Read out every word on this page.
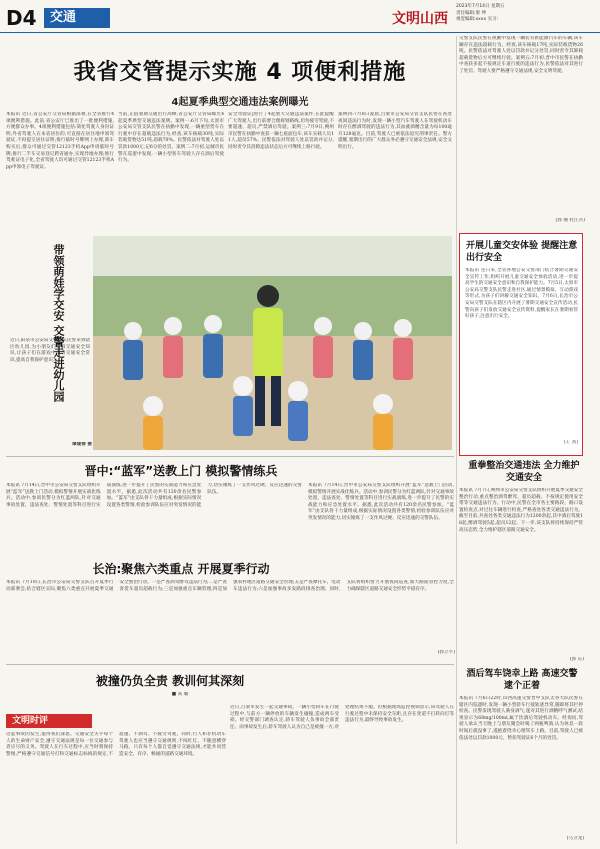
D4	交通	文明山西
2023年7月14日 星期五
责任编辑:梁 坤
视觉编辑:xxxx 实习:
我省交管提示实施 4 项便利措施
4起夏季典型交通违法案例曝光
本报讯 近日,省公安厅交管局根据部署,在全省推行4项便利措施。此前,省公安厅已推出了一批便利措施,方便群众办事。4项便利措施包括:简化驾驶人身份证明,外省驾驶人在本省居住的,可直接在居住地申领驾驶证,不再提交居住证明;推行临时号牌网上办理,新车购买后,群众可通过交管12123手机App申请临时号牌;推行二手车交易登记跨省通办,实现异地办理;推行驾驶证电子化,全省驾驶人均可通过交管12123手机App申领电子驾驶证。
当前,正值暑期交通出行高峰,省公安厅交管局曝光4起夏季典型交通违法案例。案例一:6月下旬,太原市公安局交管支队民警在执勤中发现,一辆重型货车在行驶中存在超载违法行为,经查,该车核载30吨,实际装载货物达51吨,超载70%。民警依法对驾驶人处以罚款1000元,记6分的处罚。案例二:7月初,运城市民警在巡逻中发现,一辆小型客车驾驶人存在酒后驾驶行为。
安全驾驶证]进行了4起重大交通违法案件,在此提醒广大驾驶人,出行前要合理规划路线,切勿疲劳驾驶,不要超速、超员,严禁酒后驾驶。案例三:7月9日,朔州市民警在执勤中查获一辆七座面包车,该车实载人员11人,超员57%。民警依法对驾驶人处以罚款并记分,同时责令其消除违法状态后方可继续上路行驶。
案例四:7月8日凌晨,吕梁市公安局交管支队民警在查处夜间违法行为时,发现一辆小型汽车驾驶人在驾驶机动车时存在醉酒驾驶的违法行为,其血液酒精含量为每100毫升128毫克。目前,驾驶人已被依法追究刑事责任。警方提醒,暑期出行的广大群众务必遵守交通安全法规,安全文明出行。
交警支队民警在执勤中发现一辆装有新能源汽车的车辆,该车辆存在违法超载行为。经查,该车核载17吨,实际装载货物26吨。民警依法对驾驶人处以罚款并记分处罚,同时责令其卸载超载货物后方可继续行驶。案例五:7月初,晋中市民警在执勤中查获多起不按规定车道行驶的违法行为,民警依法对其进行了处罚。驾驶人要严格遵守交通法规,安全文明驾驶。
(郭 丽 杜江兵)
带领萌娃学交安 交警走进幼儿园
近日,阳泉市公安局交警支队民警来到辖区幼儿园,为小朋友们讲解交通安全知识,让孩子们在游戏中学习交通安全常识,提高自我保护意识。
谭建春 摄
开展儿童交安体验 提醒注意出行安全
本报讯 连日来,全省各地公安交警部门结合暑期交通安全宣传工作,组织开展儿童交通安全体验活动,进一步提高学生的交通安全意识和自我保护能力。7月5日,太原市公安局交警支队民警走进社区,通过情景模拟、互动游戏等形式,为孩子们讲解交通安全知识。7月6日,长治市公安局交警支队在辖区内开展了暑期交通安全宣传活动,民警向孩子们发放交通安全宣传资料,提醒家长在暑期看管好孩子,注意出行安全。
(王 茜)
重拳整治交通违法 全力维护交通安全
本报讯 7月7日,朔州市公安局交警支队组织开展夏季交通安全整治行动,重点整治酒驾醉驾、超员超载、不按规定使用安全带等交通违法行为。行动中,民警在全市各主要路段、路口设置检查点,对过往车辆进行检查,严格查处各类交通违法行为。截至目前,共查处各类交通违法行为1200余起,其中酒后驾驶18起,醉酒驾驶5起,超员12起。下一步,该支队将持续保持严管高压态势,全力维护辖区道路交通安全。
(郭 东)
晋中:“蓝军”送教上门 模拟警情练兵
本报讯 7月14日,晋中市公安局交警支队组织开展“蓝军”送教上门活动,模拟警情开展实战化练兵。活动中,参训民警分为红蓝两队,针对交通事故处置、违法查处、警情处置等科目进行实战演练,进一步提升了民警的实战能力和应急处置水平。据悉,此次活动共有120余名民警参加。“蓝军”由支队骨干力量组成,根据实际情况设置各类警情,检验参训队伍应对突发情况的能力,切实锤炼了一支作风过硬、反应迅速的交警队伍。
长治:聚焦六类重点 开展夏季行动
本报讯 7月10日,长治市公安局交警支队召开夏季行动部署会,结合辖区实际,聚焦六类重点开展夏季交通安全整治行动。一是严查酒驾醉驾违法行为;二是严查客货车超员超载行为;三是加强重点车辆管理;四是加强农村地区道路交通安全管理;五是严查摩托车、电动车违法行为;六是加强事故多发路段排查治理。同时,支队将组织警力开展夜间巡查,加大路面管控力度,全力确保辖区道路交通安全形势平稳有序。
(郭立平)
本报讯 7月14日,晋中市公安局交警支队组织开展“蓝军”送教上门活动,模拟警情开展实战化练兵。活动中,参训民警分为红蓝两队,针对交通事故处置、违法查处、警情处置等科目进行实战演练,进一步提升了民警的实战能力和应急处置水平。据悉,此次活动共有120余名民警参加。“蓝军”由支队骨干力量组成,根据实际情况设置各类警情,检验参训队伍应对突发情况的能力,切实锤炼了一支作风过硬、反应迅速的交警队伍。
被撞仍负全责 教训何其深刻
■ 高 璐
文明时评
这起事故的发生,值得我们深思。交通安全关乎每个人的生命财产安全,遵守交通法规是每一位交通参与者应尽的义务。驾驶人在行车过程中,应当时刻保持警惕,严格遵守交通信号灯和交通标志标线的规定,不超速、不酒驾、不疲劳驾驶。同时,行人和非机动车驾驶人也应当遵守交通规则,不闯红灯、不随意横穿马路。只有每个人都自觉遵守交通法规,才能共同营造安全、有序、畅通的道路交通环境。
近日,吕梁市发生一起交通事故。一辆小型轿车在行驶过程中,与前方一辆停放的车辆发生碰撞,造成两车受损。经交警部门调查认定,轿车驾驶人负事故全部责任。而事故发生后,轿车驾驶人认为自己是被撞一方,对处理结果不服。但根据现场监控视频显示,该驾驶人在行驶过程中未保持安全车距,且存在变道不打转向灯等违法行为,最终导致事故发生。
酒后驾车饶幸上路 高速交警逮个正着
本报讯 7月6日22时,山西高速交警晋中支队太谷大队民警在辖区内巡逻时,发现一辆小型轿车行驶轨迹异常,随即将其拦停检查。民警发现驾驶人满身酒气,遂对其进行酒精呼气测试,结果显示为68mg/100ml,属于饮酒后驾驶机动车。经询问,驾驶人承认当天晚上与朋友聚会时喝了两瓶啤酒,认为休息一段时间后就没事了,遂抱着侥幸心理驾车上路。目前,驾驶人已被依法处以罚款1000元、暂扣驾驶证6个月的处罚。
(马卫龙)
